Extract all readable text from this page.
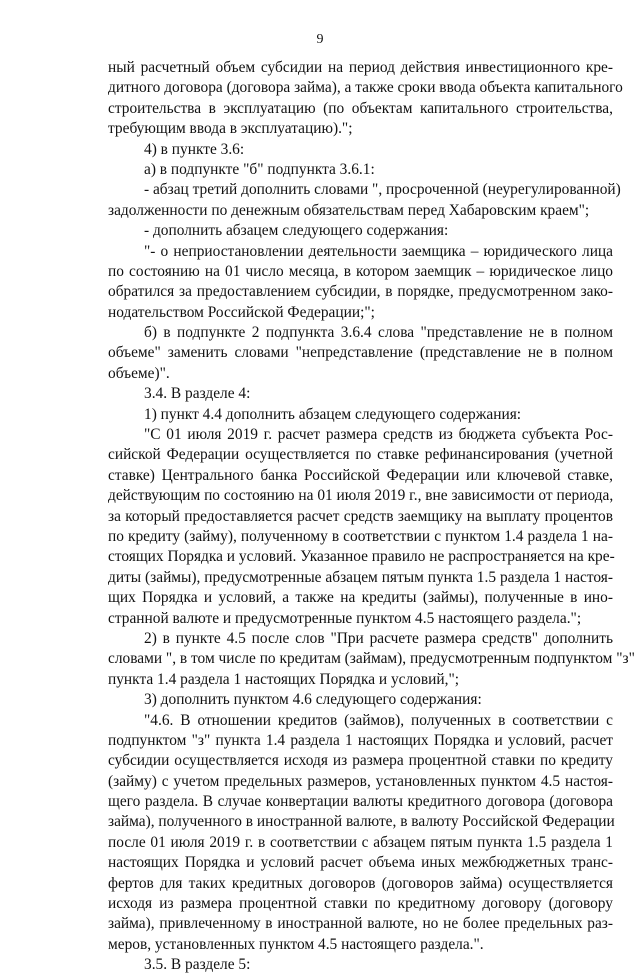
9
ный расчетный объем субсидии на период действия инвестиционного кре-
дитного договора (договора займа), а также сроки ввода объекта капитального
строительства в эксплуатацию (по объектам капитального строительства,
требующим ввода в эксплуатацию).";
4) в пункте 3.6:
а) в подпункте "б" подпункта 3.6.1:
- абзац третий дополнить словами ", просроченной (неурегулированной)
задолженности по денежным обязательствам перед Хабаровским краем";
- дополнить абзацем следующего содержания:
"- о неприостановлении деятельности заемщика – юридического лица
по состоянию на 01 число месяца, в котором заемщик – юридическое лицо
обратился за предоставлением субсидии, в порядке, предусмотренном зако-
нодательством Российской Федерации;";
б) в подпункте 2 подпункта 3.6.4 слова "представление не в полном
объеме" заменить словами "непредставление (представление не в полном
объеме)".
3.4. В разделе 4:
1) пункт 4.4 дополнить абзацем следующего содержания:
"С 01 июля 2019 г. расчет размера средств из бюджета субъекта Рос-
сийской Федерации осуществляется по ставке рефинансирования (учетной
ставке) Центрального банка Российской Федерации или ключевой ставке,
действующим по состоянию на 01 июля 2019 г., вне зависимости от периода,
за который предоставляется расчет средств заемщику на выплату процентов
по кредиту (займу), полученному в соответствии с пунктом 1.4 раздела 1 на-
стоящих Порядка и условий. Указанное правило не распространяется на кре-
диты (займы), предусмотренные абзацем пятым пункта 1.5 раздела 1 настоя-
щих Порядка и условий, а также на кредиты (займы), полученные в ино-
странной валюте и предусмотренные пунктом 4.5 настоящего раздела.";
2) в пункте 4.5 после слов "При расчете размера средств" дополнить
словами ", в том числе по кредитам (займам), предусмотренным подпунктом "з"
пункта 1.4 раздела 1 настоящих Порядка и условий,";
3) дополнить пунктом 4.6 следующего содержания:
"4.6. В отношении кредитов (займов), полученных в соответствии с
подпунктом "з" пункта 1.4 раздела 1 настоящих Порядка и условий, расчет
субсидии осуществляется исходя из размера процентной ставки по кредиту
(займу) с учетом предельных размеров, установленных пунктом 4.5 настоя-
щего раздела. В случае конвертации валюты кредитного договора (договора
займа), полученного в иностранной валюте, в валюту Российской Федерации
после 01 июля 2019 г. в соответствии с абзацем пятым пункта 1.5 раздела 1
настоящих Порядка и условий расчет объема иных межбюджетных транс-
фертов для таких кредитных договоров (договоров займа) осуществляется
исходя из размера процентной ставки по кредитному договору (договору
займа), привлеченному в иностранной валюте, но не более предельных раз-
меров, установленных пунктом 4.5 настоящего раздела.".
3.5. В разделе 5:
